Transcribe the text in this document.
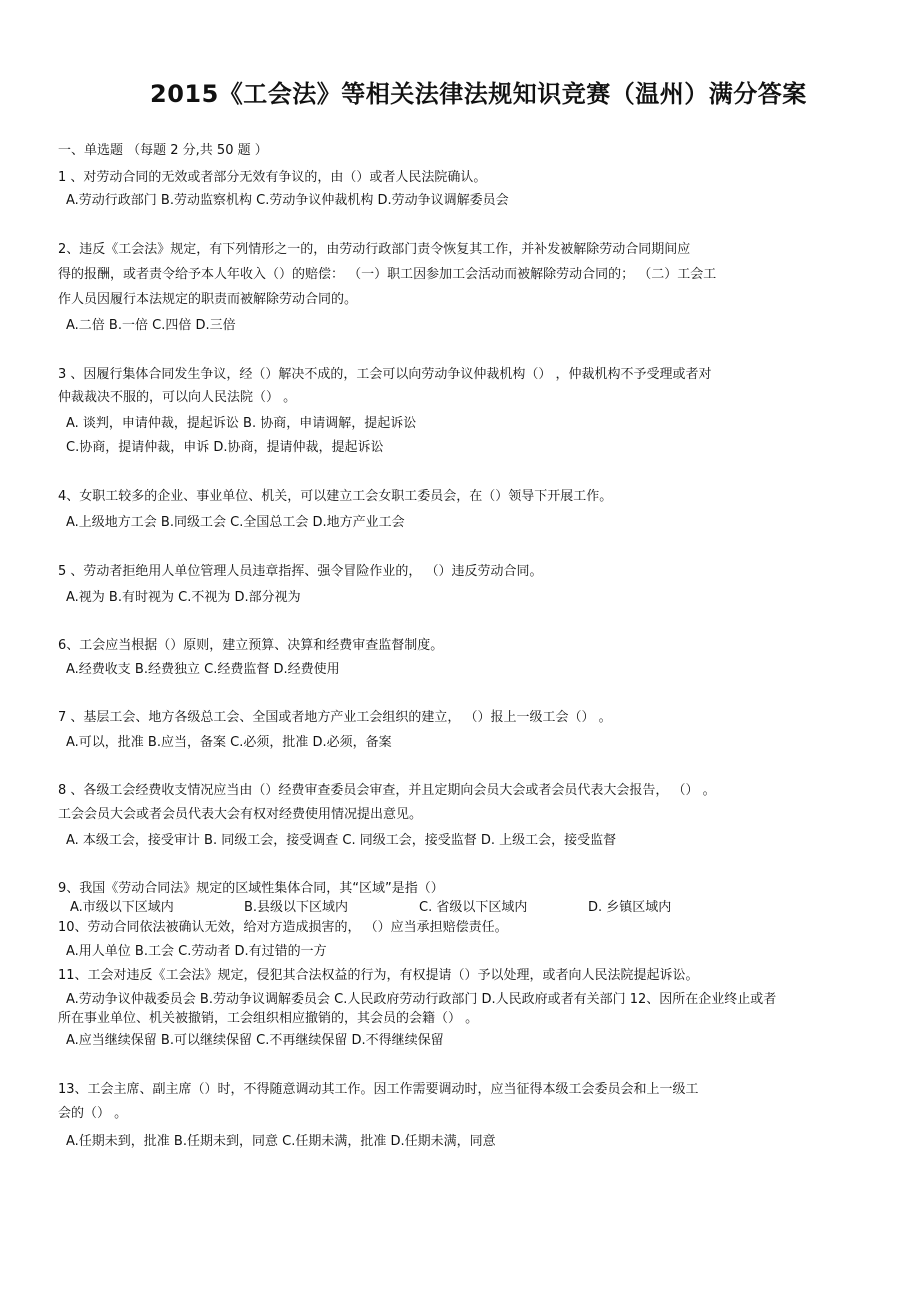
2015《工会法》等相关法律法规知识竞赛（温州）满分答案
一、单选题 （每题 2 分,共 50 题 ）
1 、对劳动合同的无效或者部分无效有争议的，由（）或者人民法院确认。
A.劳动行政部门 B.劳动监察机构 C.劳动争议仲裁机构 D.劳动争议调解委员会
2、违反《工会法》规定，有下列情形之一的，由劳动行政部门责令恢复其工作，并补发被解除劳动合同期间应
得的报酬，或者责令给予本人年收入（）的赔偿： （一）职工因参加工会活动而被解除劳动合同的； （二）工会工
作人员因履行本法规定的职责而被解除劳动合同的。
A.二倍 B.一倍 C.四倍 D.三倍
3 、因履行集体合同发生争议，经（）解决不成的，工会可以向劳动争议仲裁机构（） ，仲裁机构不予受理或者对
仲裁裁决不服的，可以向人民法院（） 。
A. 谈判，申请仲裁，提起诉讼 B. 协商，申请调解，提起诉讼
C.协商，提请仲裁，申诉 D.协商，提请仲裁，提起诉讼
4、女职工较多的企业、事业单位、机关，可以建立工会女职工委员会，在（）领导下开展工作。
A.上级地方工会 B.同级工会 C.全国总工会 D.地方产业工会
5 、劳动者拒绝用人单位管理人员违章指挥、强令冒险作业的， （）违反劳动合同。
A.视为 B.有时视为 C.不视为 D.部分视为
6、工会应当根据（）原则，建立预算、决算和经费审查监督制度。
A.经费收支 B.经费独立 C.经费监督 D.经费使用
7 、基层工会、地方各级总工会、全国或者地方产业工会组织的建立， （）报上一级工会（） 。
A.可以，批准 B.应当，备案 C.必须，批准 D.必须，备案
8 、各级工会经费收支情况应当由（）经费审查委员会审查，并且定期向会员大会或者会员代表大会报告， （） 。
工会会员大会或者会员代表大会有权对经费使用情况提出意见。
A. 本级工会，接受审计 B. 同级工会，接受调查 C. 同级工会，接受监督 D. 上级工会，接受监督
9、我国《劳动合同法》规定的区域性集体合同，其“区域”是指（）
A.市级以下区域内	B.县级以下区域内	C. 省级以下区域内	D. 乡镇区域内
10、劳动合同依法被确认无效，给对方造成损害的， （）应当承担赔偿责任。
A.用人单位 B.工会 C.劳动者 D.有过错的一方
11、工会对违反《工会法》规定，侵犯其合法权益的行为，有权提请（）予以处理，或者向人民法院提起诉讼。
A.劳动争议仲裁委员会 B.劳动争议调解委员会 C.人民政府劳动行政部门 D.人民政府或者有关部门 12、因所在企业终止或者
所在事业单位、机关被撤销，工会组织相应撤销的，其会员的会籍（） 。
A.应当继续保留 B.可以继续保留 C.不再继续保留 D.不得继续保留
13、工会主席、副主席（）时，不得随意调动其工作。因工作需要调动时，应当征得本级工会委员会和上一级工
会的（） 。
A.任期未到，批准 B.任期未到，同意 C.任期未满，批准 D.任期未满，同意
